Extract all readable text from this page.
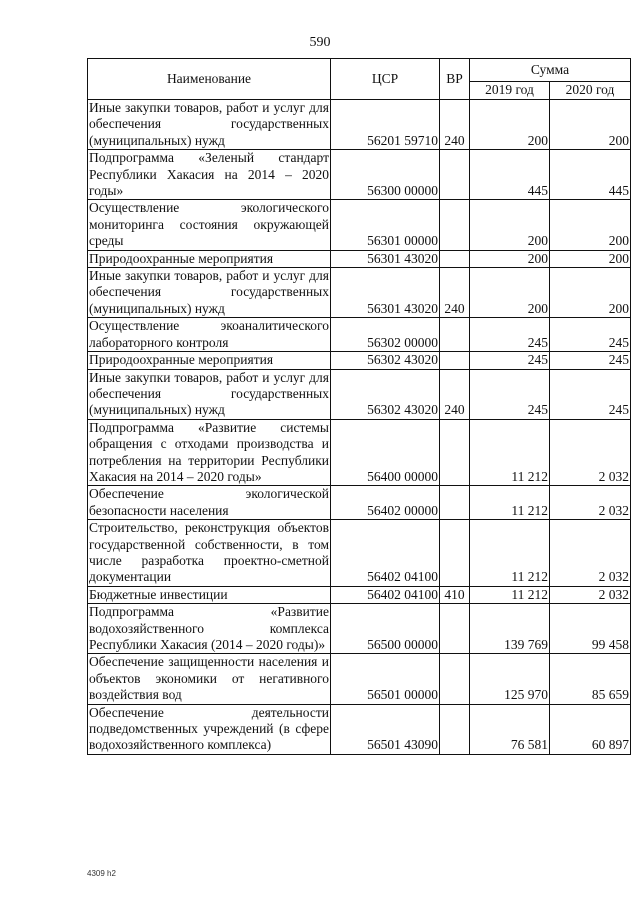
590
Наименование	ЦСР	ВР	Сумма	
			2019 год	2020 год
Иные закупки товаров, работ и услуг для обеспечения государственных (муниципальных) нужд	56201 59710	240	200	200
Подпрограмма «Зеленый стандарт Республики Хакасия на 2014 – 2020 годы»	56300 00000		445	445
Осуществление экологического мониторинга состояния окружающей среды	56301 00000		200	200
Природоохранные мероприятия	56301 43020		200	200
Иные закупки товаров, работ и услуг для обеспечения государственных (муниципальных) нужд	56301 43020	240	200	200
Осуществление экоаналитического лабораторного контроля	56302 00000		245	245
Природоохранные мероприятия	56302 43020		245	245
Иные закупки товаров, работ и услуг для обеспечения государственных (муниципальных) нужд	56302 43020	240	245	245
Подпрограмма «Развитие системы обращения с отходами производства и потребления на территории Республики Хакасия на 2014 – 2020 годы»	56400 00000		11 212	2 032
Обеспечение экологической безопасности населения	56402 00000		11 212	2 032
Строительство, реконструкция объектов государственной собственности, в том числе разработка проектно-сметной документации	56402 04100		11 212	2 032
Бюджетные инвестиции	56402 04100	410	11 212	2 032
Подпрограмма «Развитие водохозяйственного комплекса Республики Хакасия (2014 – 2020 годы)»	56500 00000		139 769	99 458
Обеспечение защищенности населения и объектов экономики от негативного воздействия вод	56501 00000		125 970	85 659
Обеспечение деятельности подведомственных учреждений (в сфере водохозяйственного комплекса)	56501 43090		76 581	60 897
4309 h2
